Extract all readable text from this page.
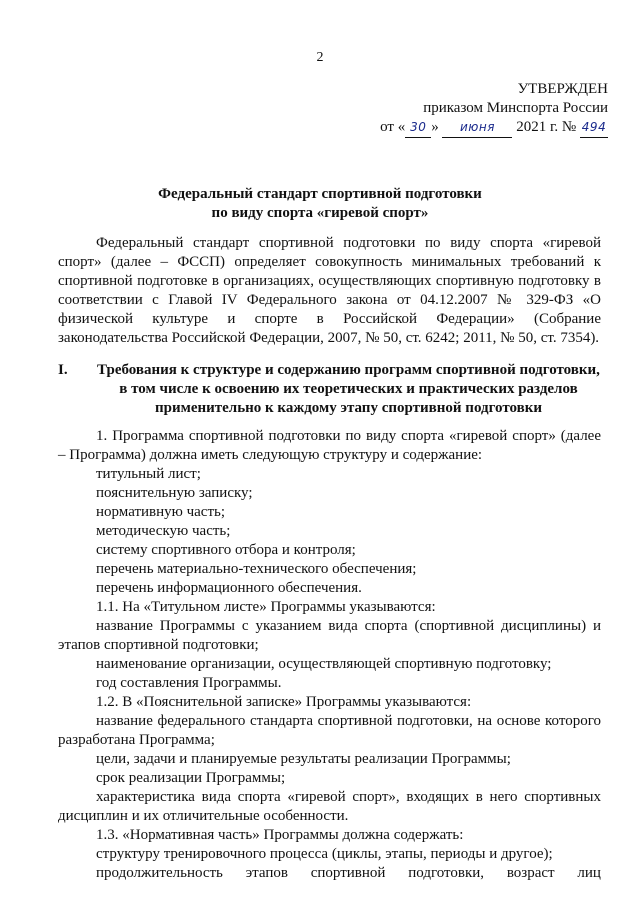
2
УТВЕРЖДЕН
приказом Минспорта России
от « 30 » июня 2021 г. № 494
Федеральный стандарт спортивной подготовки
по виду спорта «гиревой спорт»
Федеральный стандарт спортивной подготовки по виду спорта «гиревой спорт» (далее – ФССП) определяет совокупность минимальных требований к спортивной подготовке в организациях, осуществляющих спортивную подготовку в соответствии с Главой IV Федерального закона от 04.12.2007 № 329-ФЗ «О физической культуре и спорте в Российской Федерации» (Собрание законодательства Российской Федерации, 2007, № 50, ст. 6242; 2011, № 50, ст. 7354).
I. Требования к структуре и содержанию программ спортивной подготовки,
в том числе к освоению их теоретических и практических разделов
применительно к каждому этапу спортивной подготовки
1. Программа спортивной подготовки по виду спорта «гиревой спорт» (далее – Программа) должна иметь следующую структуру и содержание:
титульный лист;
пояснительную записку;
нормативную часть;
методическую часть;
систему спортивного отбора и контроля;
перечень материально-технического обеспечения;
перечень информационного обеспечения.
1.1. На «Титульном листе» Программы указываются:
название Программы с указанием вида спорта (спортивной дисциплины) и этапов спортивной подготовки;
наименование организации, осуществляющей спортивную подготовку;
год составления Программы.
1.2. В «Пояснительной записке» Программы указываются:
название федерального стандарта спортивной подготовки, на основе которого разработана Программа;
цели, задачи и планируемые результаты реализации Программы;
срок реализации Программы;
характеристика вида спорта «гиревой спорт», входящих в него спортивных дисциплин и их отличительные особенности.
1.3. «Нормативная часть» Программы должна содержать:
структуру тренировочного процесса (циклы, этапы, периоды и другое);
продолжительность этапов спортивной подготовки, возраст лиц
